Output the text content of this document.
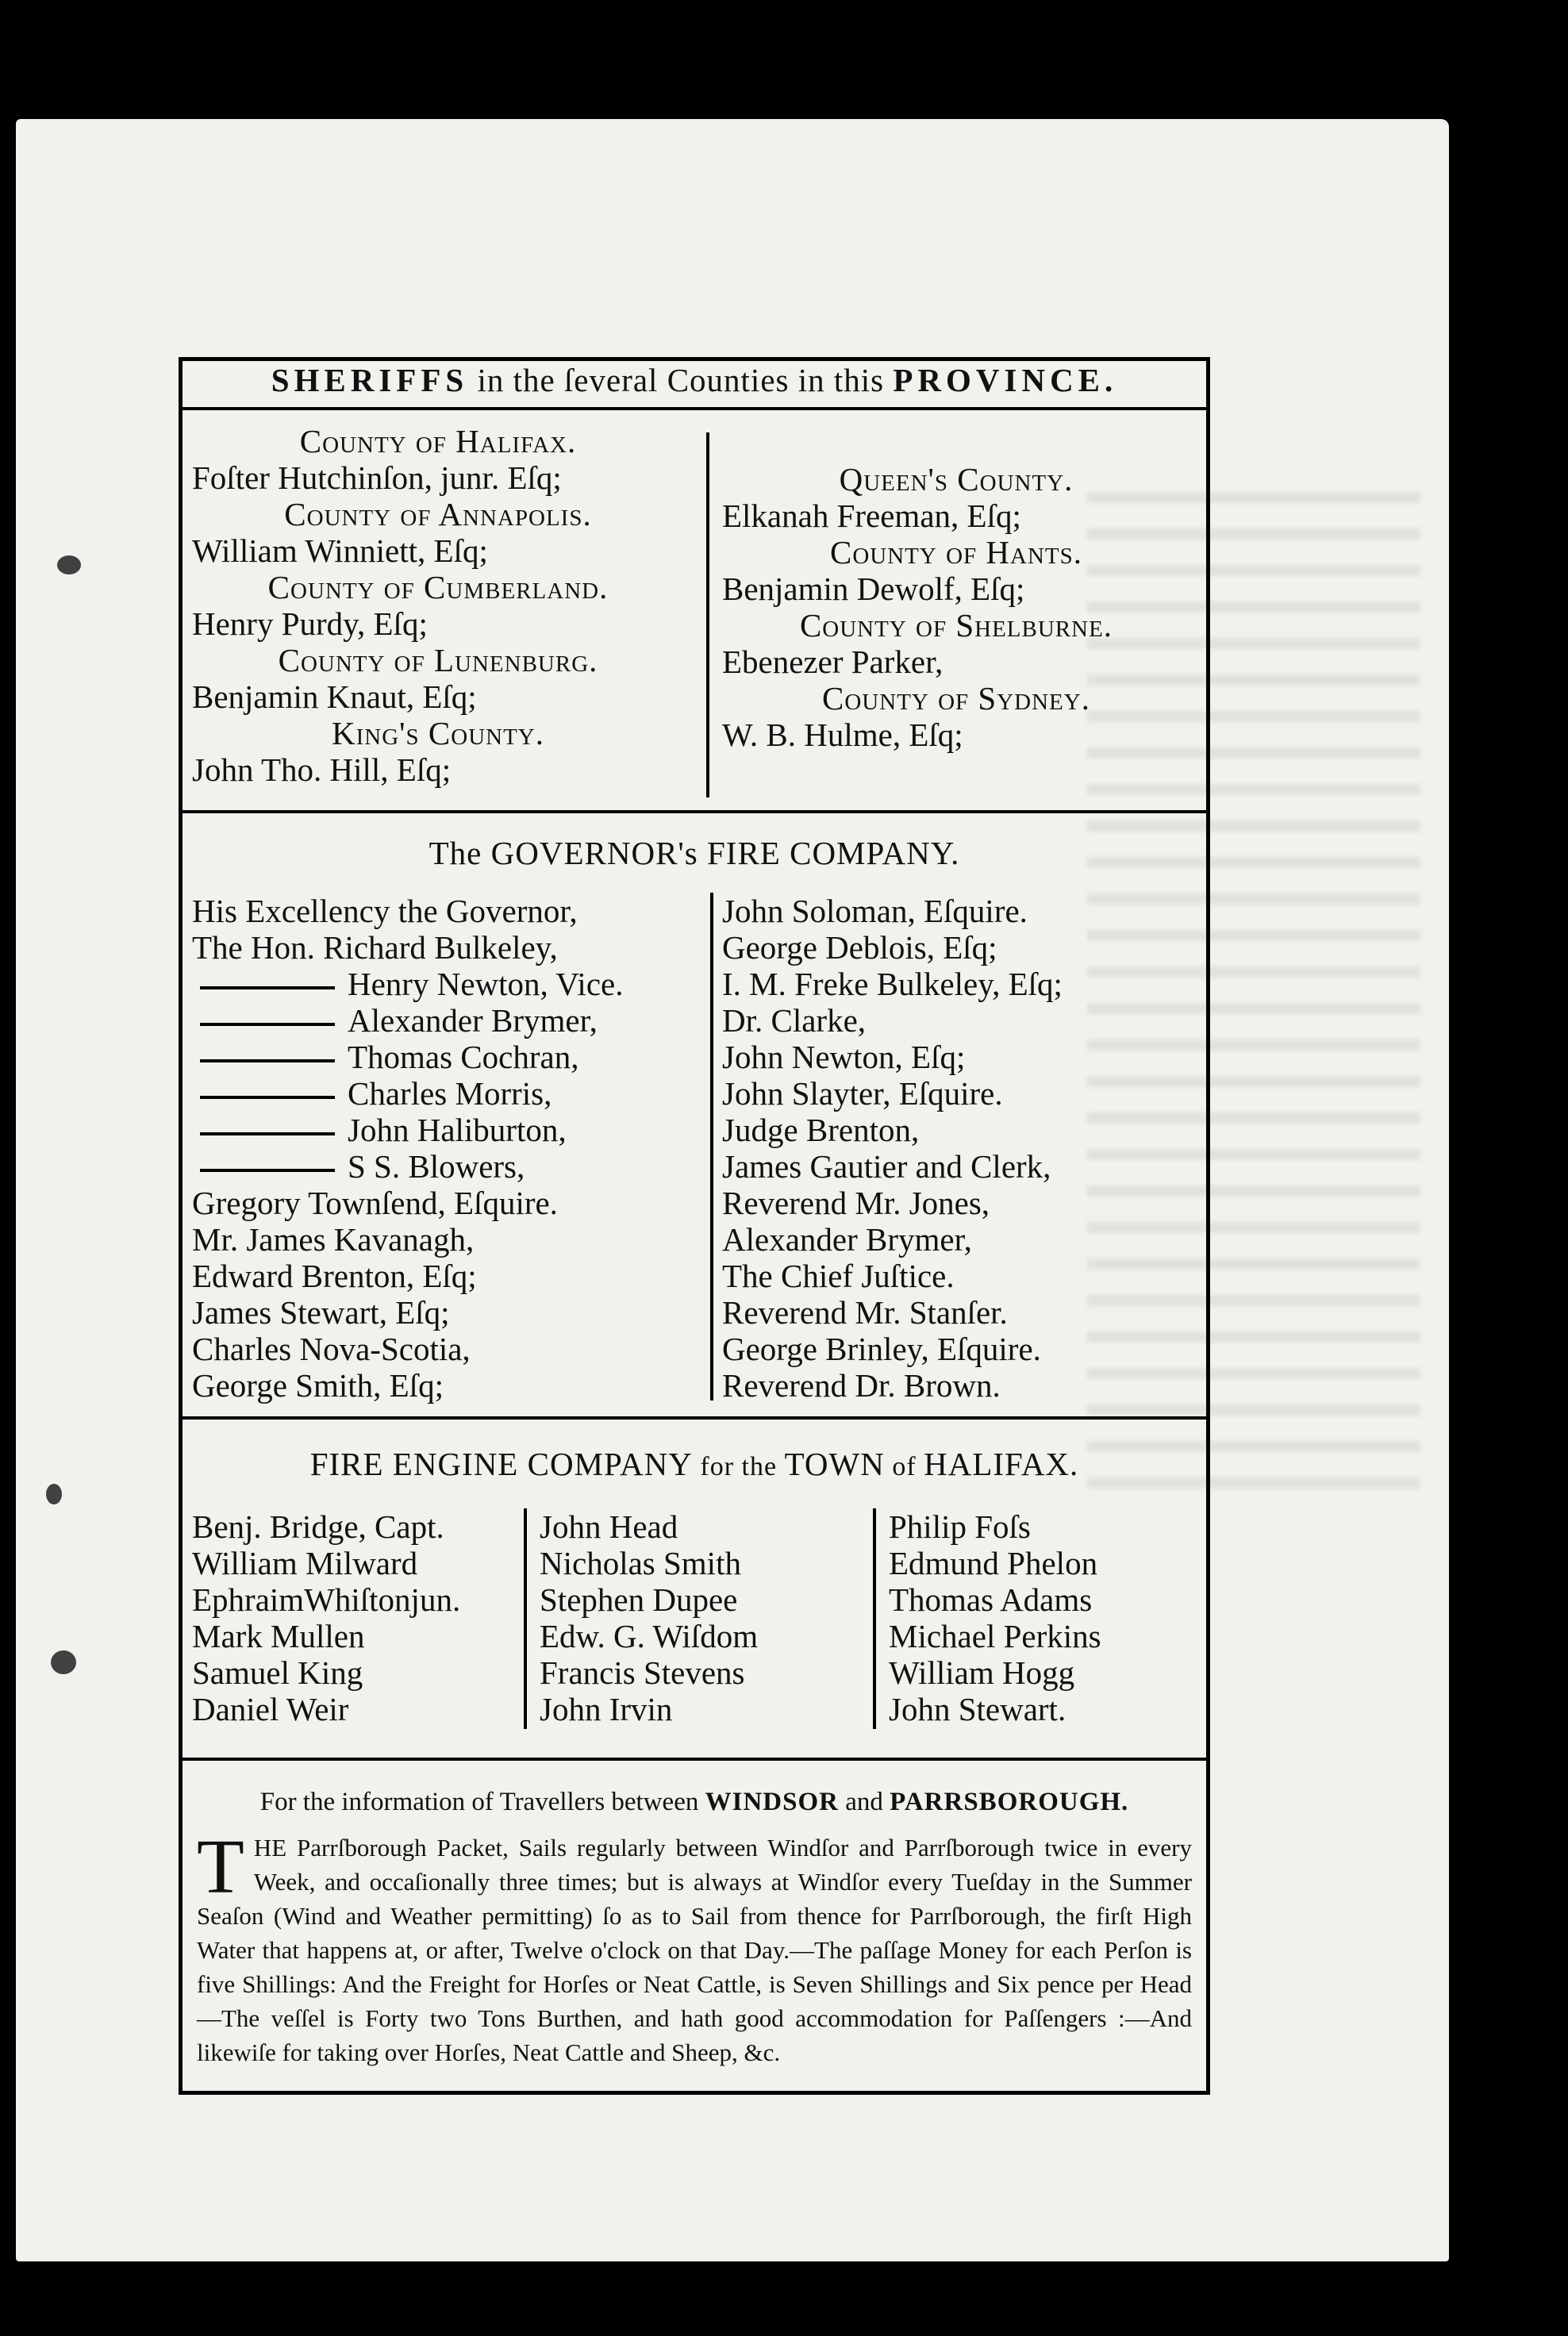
SHERIFFS in the ſeveral Counties in this PROVINCE.
County of Halifax.
Foſter Hutchinſon, junr. Eſq;
County of Annapolis.
William Winniett, Eſq;
County of Cumberland.
Henry Purdy, Eſq;
County of Lunenburg.
Benjamin Knaut, Eſq;
King's County.
John Tho. Hill, Eſq;
Queen's County.
Elkanah Freeman, Eſq;
County of Hants.
Benjamin Dewolf, Eſq;
County of Shelburne.
Ebenezer Parker,
County of Sydney.
W. B. Hulme, Eſq;
The GOVERNOR's FIRE COMPANY.
His Excellency the Governor,
The Hon. Richard Bulkeley,
Henry Newton, Vice.
Alexander Brymer,
Thomas Cochran,
Charles Morris,
John Haliburton,
S S. Blowers,
Gregory Townſend, Eſquire.
Mr. James Kavanagh,
Edward Brenton, Eſq;
James Stewart, Eſq;
Charles Nova-Scotia,
George Smith, Eſq;
John Soloman, Eſquire.
George Deblois, Eſq;
I. M. Freke Bulkeley, Eſq;
Dr. Clarke,
John Newton, Eſq;
John Slayter, Eſquire.
Judge Brenton,
James Gautier and Clerk,
Reverend Mr. Jones,
Alexander Brymer,
The Chief Juſtice.
Reverend Mr. Stanſer.
George Brinley, Eſquire.
Reverend Dr. Brown.
FIRE ENGINE COMPANY for the TOWN of HALIFAX.
Benj. Bridge, Capt.
William Milward
EphraimWhiſtonjun.
Mark Mullen
Samuel King
Daniel Weir
John Head
Nicholas Smith
Stephen Dupee
Edw. G. Wiſdom
Francis Stevens
John Irvin
Philip Foſs
Edmund Phelon
Thomas Adams
Michael Perkins
William Hogg
John Stewart.
For the information of Travellers between WINDSOR and PARRSBOROUGH.
THE Parrſborough Packet, Sails regularly between Windſor and Parrſborough twice in every Week, and occaſionally three times; but is always at Windſor every Tueſday in the Summer Seaſon (Wind and Weather permitting) ſo as to Sail from thence for Parrſborough, the firſt High Water that happens at, or after, Twelve o'clock on that Day.—The paſſage Money for each Perſon is five Shillings: And the Freight for Horſes or Neat Cattle, is Seven Shillings and Six pence per Head—The veſſel is Forty two Tons Burthen, and hath good accommodation for Paſſengers :—And likewiſe for taking over Horſes, Neat Cattle and Sheep, &c.
